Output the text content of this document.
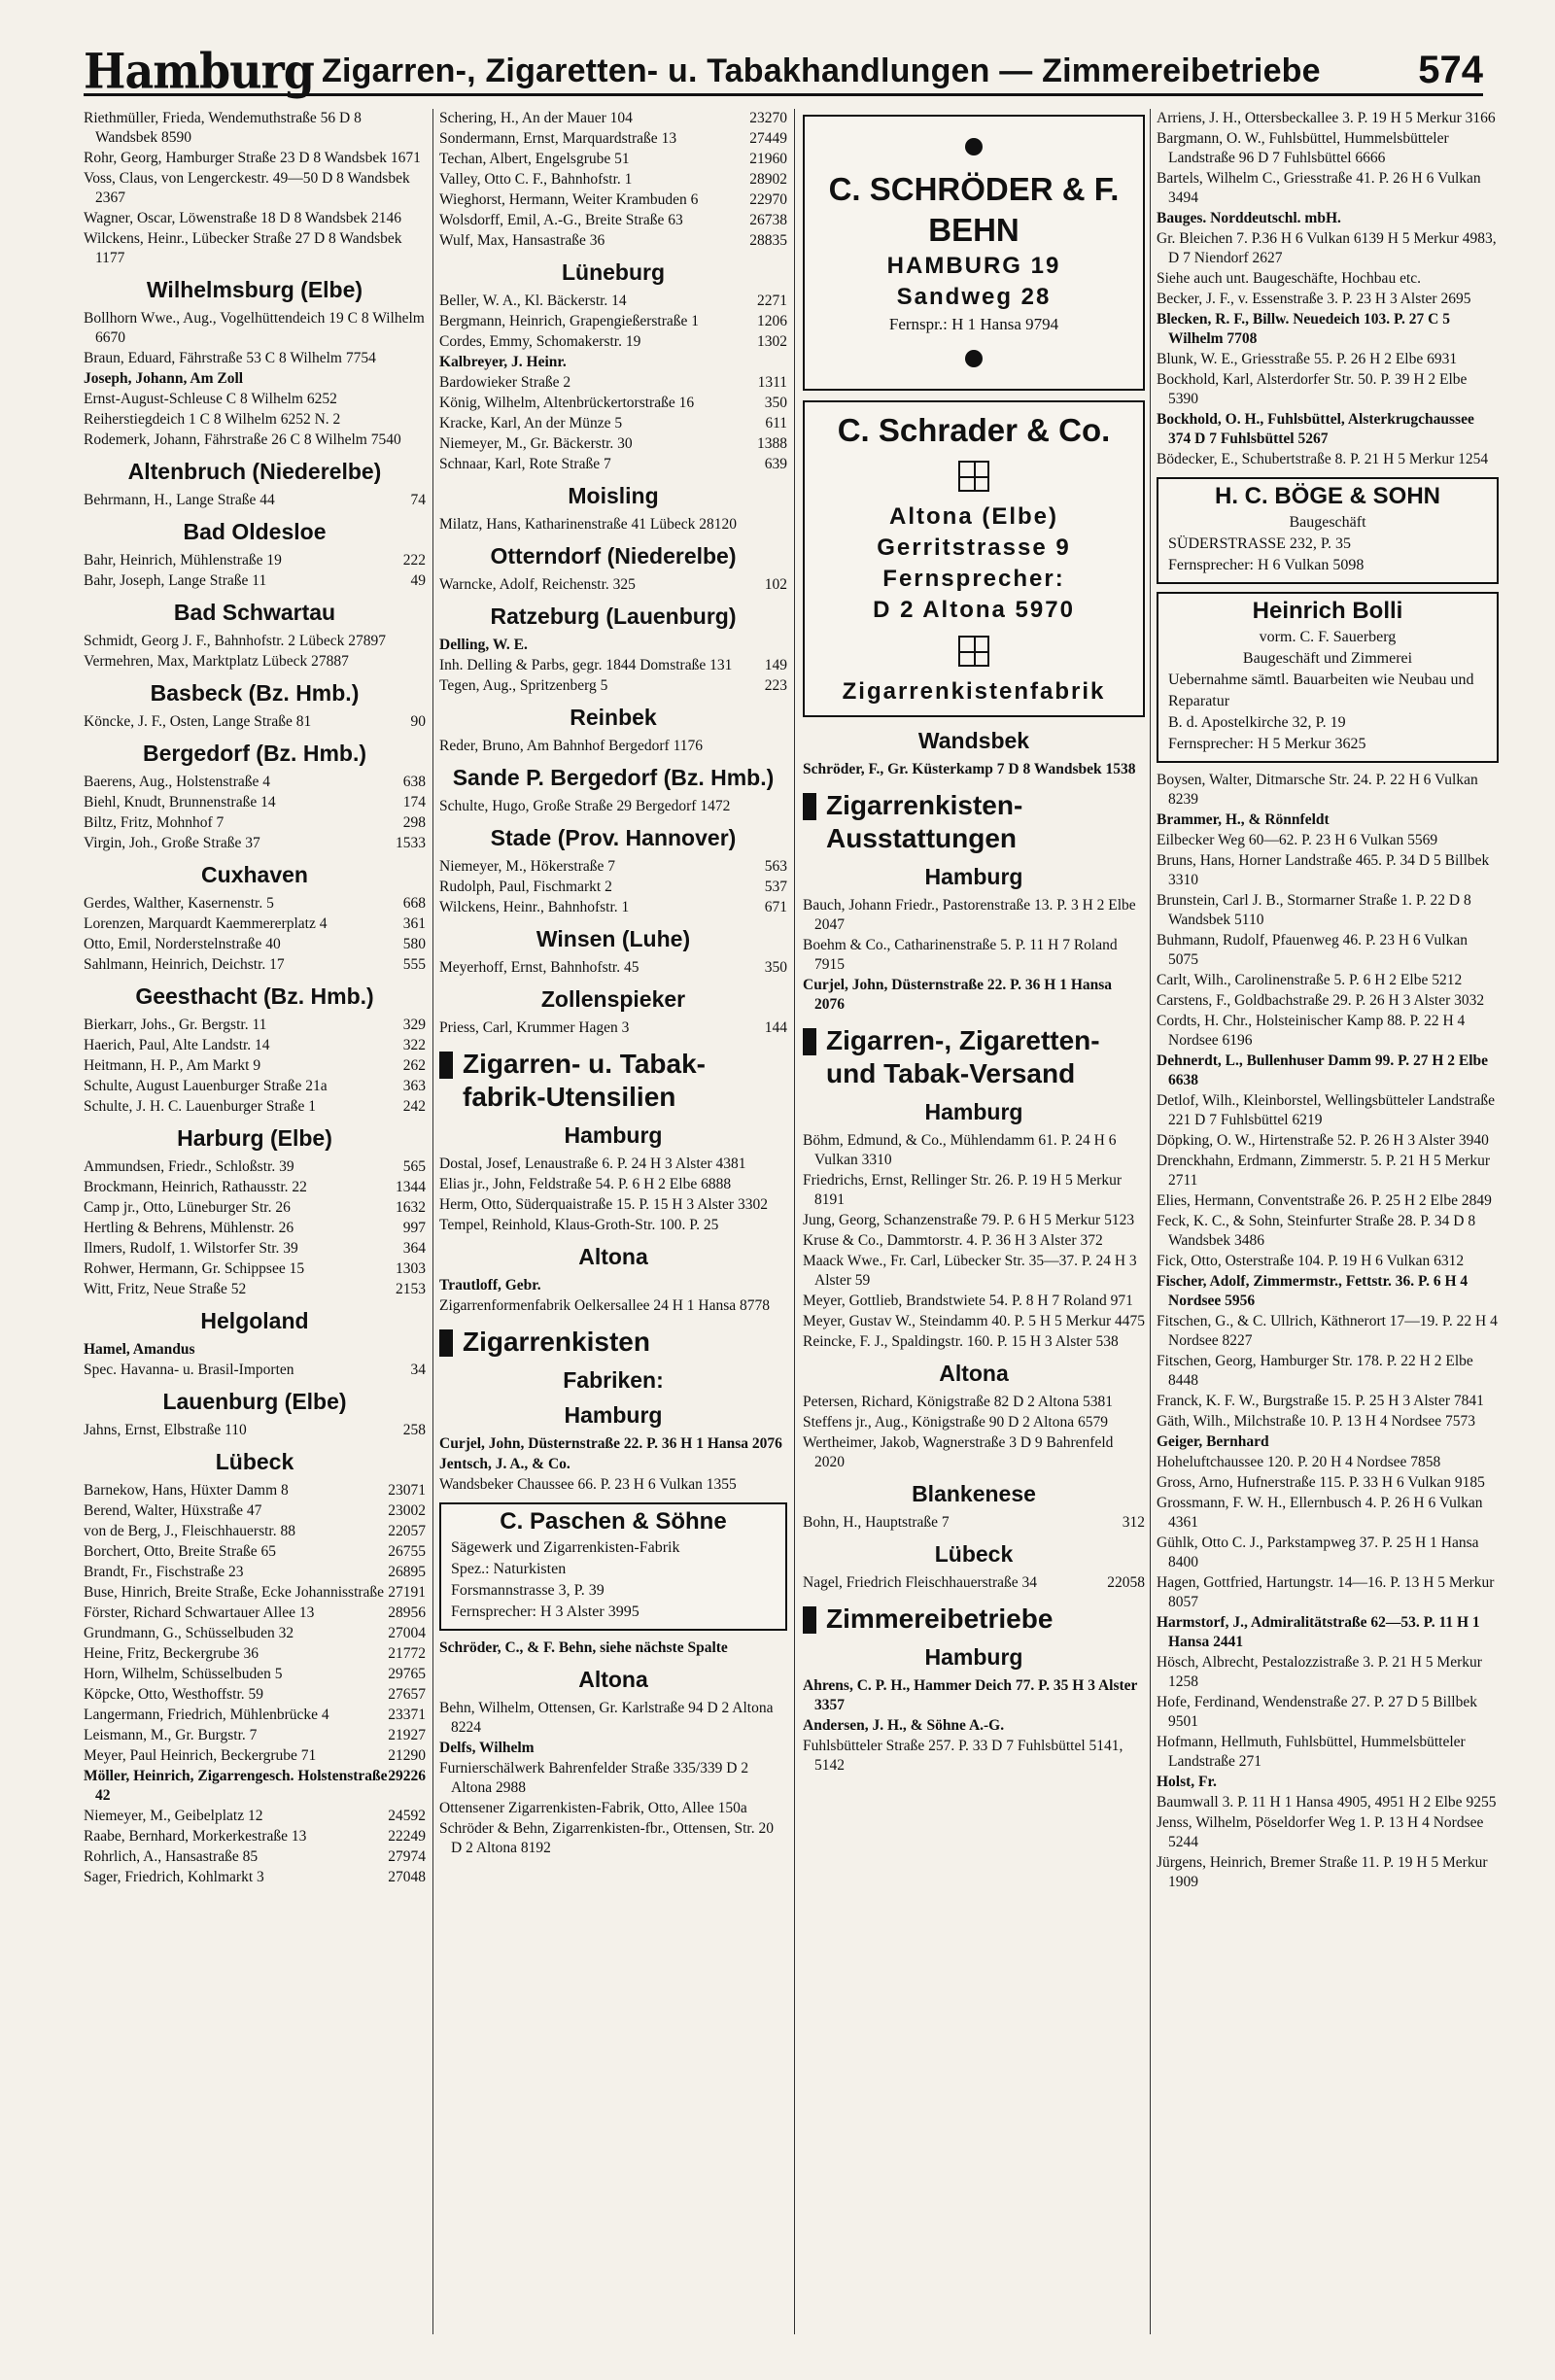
Hamburg Zigarren-, Zigaretten- u. Tabakhandlungen — Zimmereibetriebe	574
Riethmüller, Frieda, Wendemuthstraße 56 D 8 Wandsbek 8590
Rohr, Georg, Hamburger Straße 23 D 8 Wandsbek 1671
Voss, Claus, von Lengerckestr. 49—50 D 8 Wandsbek 2367
Wagner, Oscar, Löwenstraße 18 D 8 Wandsbek 2146
Wilckens, Heinr., Lübecker Straße 27 D 8 Wandsbek 1177
Wilhelmsburg (Elbe)
Bollhorn Wwe., Aug., Vogelhüttendeich 19 C 8 Wilhelm 6670
Braun, Eduard, Fährstraße 53 C 8 Wilhelm 7754
Joseph, Johann, Am Zoll
Ernst-August-Schleuse C 8 Wilhelm 6252
Reiherstiegdeich 1 C 8 Wilhelm 6252 N. 2
Rodemerk, Johann, Fährstraße 26 C 8 Wilhelm 7540
Altenbruch (Niederelbe)
74
Behrmann, H., Lange Straße 44
Bad Oldesloe
222
Bahr, Heinrich, Mühlenstraße 19
49
Bahr, Joseph, Lange Straße 11
Bad Schwartau
Schmidt, Georg J. F., Bahnhofstr. 2 Lübeck 27897
Vermehren, Max, Marktplatz Lübeck 27887
Basbeck (Bz. Hmb.)
90
Köncke, J. F., Osten, Lange Straße 81
Bergedorf (Bz. Hmb.)
638
Baerens, Aug., Holstenstraße 4
174
Biehl, Knudt, Brunnenstraße 14
298
Biltz, Fritz, Mohnhof 7
1533
Virgin, Joh., Große Straße 37
Cuxhaven
668
Gerdes, Walther, Kasernenstr. 5
361
Lorenzen, Marquardt Kaemmererplatz 4
580
Otto, Emil, Norderstelnstraße 40
555
Sahlmann, Heinrich, Deichstr. 17
Geesthacht (Bz. Hmb.)
329
Bierkarr, Johs., Gr. Bergstr. 11
322
Haerich, Paul, Alte Landstr. 14
262
Heitmann, H. P., Am Markt 9
363
Schulte, August Lauenburger Straße 21a
242
Schulte, J. H. C. Lauenburger Straße 1
Harburg (Elbe)
565
Ammundsen, Friedr., Schloßstr. 39
1344
Brockmann, Heinrich, Rathausstr. 22
1632
Camp jr., Otto, Lüneburger Str. 26
997
Hertling & Behrens, Mühlenstr. 26
364
Ilmers, Rudolf, 1. Wilstorfer Str. 39
1303
Rohwer, Hermann, Gr. Schippsee 15
2153
Witt, Fritz, Neue Straße 52
Helgoland
Hamel, Amandus
34
Spec. Havanna- u. Brasil-Importen
Lauenburg (Elbe)
258
Jahns, Ernst, Elbstraße 110
Lübeck
23071
Barnekow, Hans, Hüxter Damm 8
23002
Berend, Walter, Hüxstraße 47
22057
von de Berg, J., Fleischhauerstr. 88
26755
Borchert, Otto, Breite Straße 65
26895
Brandt, Fr., Fischstraße 23
27191
Buse, Hinrich, Breite Straße, Ecke Johannisstraße
28956
Förster, Richard Schwartauer Allee 13
27004
Grundmann, G., Schüsselbuden 32
21772
Heine, Fritz, Beckergrube 36
29765
Horn, Wilhelm, Schüsselbuden 5
27657
Köpcke, Otto, Westhoffstr. 59
23371
Langermann, Friedrich, Mühlenbrücke 4
21927
Leismann, M., Gr. Burgstr. 7
21290
Meyer, Paul Heinrich, Beckergrube 71
29226
Möller, Heinrich, Zigarrengesch. Holstenstraße 42
24592
Niemeyer, M., Geibelplatz 12
22249
Raabe, Bernhard, Morkerkestraße 13
27974
Rohrlich, A., Hansastraße 85
27048
Sager, Friedrich, Kohlmarkt 3
23270
Schering, H., An der Mauer 104
27449
Sondermann, Ernst, Marquardstraße 13
21960
Techan, Albert, Engelsgrube 51
28902
Valley, Otto C. F., Bahnhofstr. 1
22970
Wieghorst, Hermann, Weiter Krambuden 6
26738
Wolsdorff, Emil, A.-G., Breite Straße 63
28835
Wulf, Max, Hansastraße 36
Lüneburg
2271
Beller, W. A., Kl. Bäckerstr. 14
1206
Bergmann, Heinrich, Grapengießerstraße 1
1302
Cordes, Emmy, Schomakerstr. 19
Kalbreyer, J. Heinr.
1311
Bardowieker Straße 2
350
König, Wilhelm, Altenbrückertorstraße 16
611
Kracke, Karl, An der Münze 5
1388
Niemeyer, M., Gr. Bäckerstr. 30
639
Schnaar, Karl, Rote Straße 7
Moisling
Milatz, Hans, Katharinenstraße 41 Lübeck 28120
Otterndorf (Niederelbe)
102
Warncke, Adolf, Reichenstr. 325
Ratzeburg (Lauenburg)
Delling, W. E.
149
Inh. Delling & Parbs, gegr. 1844 Domstraße 131
223
Tegen, Aug., Spritzenberg 5
Reinbek
Reder, Bruno, Am Bahnhof Bergedorf 1176
Sande P. Bergedorf (Bz. Hmb.)
Schulte, Hugo, Große Straße 29 Bergedorf 1472
Stade (Prov. Hannover)
563
Niemeyer, M., Hökerstraße 7
537
Rudolph, Paul, Fischmarkt 2
671
Wilckens, Heinr., Bahnhofstr. 1
Winsen (Luhe)
350
Meyerhoff, Ernst, Bahnhofstr. 45
Zollenspieker
144
Priess, Carl, Krummer Hagen 3
Zigarren- u. Tabak-fabrik-Utensilien
Hamburg
Dostal, Josef, Lenaustraße 6. P. 24 H 3 Alster 4381
Elias jr., John, Feldstraße 54. P. 6 H 2 Elbe 6888
Herm, Otto, Süderquaistraße 15. P. 15 H 3 Alster 3302
Tempel, Reinhold, Klaus-Groth-Str. 100. P. 25
Altona
Trautloff, Gebr.
Zigarrenformenfabrik Oelkersallee 24 H 1 Hansa 8778
Zigarrenkisten
Fabriken:
Hamburg
Curjel, John, Düsternstraße 22. P. 36 H 1 Hansa 2076
Jentsch, J. A., & Co.
Wandsbeker Chaussee 66. P. 23 H 6 Vulkan 1355
C. Paschen & Söhne
Sägewerk und Zigarrenkisten-Fabrik
Spez.: Naturkisten
Forsmannstrasse 3, P. 39
Fernsprecher: H 3 Alster 3995
Schröder, C., & F. Behn, siehe nächste Spalte
Altona
Behn, Wilhelm, Ottensen, Gr. Karlstraße 94 D 2 Altona 8224
Delfs, Wilhelm
Furnierschälwerk Bahrenfelder Straße 335/339 D 2 Altona 2988
Ottensener Zigarrenkisten-Fabrik, Otto, Allee 150a
Schröder & Behn, Zigarrenkisten-fbr., Ottensen, Str. 20 D 2 Altona 8192
C. SCHRÖDER & F. BEHN
HAMBURG 19
Sandweg 28
Fernspr.: H 1 Hansa 9794
C. Schrader & Co.
Altona (Elbe)
Gerritstrasse 9
Fernsprecher:
D 2 Altona 5970
Zigarrenkistenfabrik
Wandsbek
Schröder, F., Gr. Küsterkamp 7 D 8 Wandsbek 1538
Zigarrenkisten-Ausstattungen
Hamburg
Bauch, Johann Friedr., Pastorenstraße 13. P. 3 H 2 Elbe 2047
Boehm & Co., Catharinenstraße 5. P. 11 H 7 Roland 7915
Curjel, John, Düsternstraße 22. P. 36 H 1 Hansa 2076
Zigarren-, Zigaretten- und Tabak-Versand
Hamburg
Böhm, Edmund, & Co., Mühlendamm 61. P. 24 H 6 Vulkan 3310
Friedrichs, Ernst, Rellinger Str. 26. P. 19 H 5 Merkur 8191
Jung, Georg, Schanzenstraße 79. P. 6 H 5 Merkur 5123
Kruse & Co., Dammtorstr. 4. P. 36 H 3 Alster 372
Maack Wwe., Fr. Carl, Lübecker Str. 35—37. P. 24 H 3 Alster 59
Meyer, Gottlieb, Brandstwiete 54. P. 8 H 7 Roland 971
Meyer, Gustav W., Steindamm 40. P. 5 H 5 Merkur 4475
Reincke, F. J., Spaldingstr. 160. P. 15 H 3 Alster 538
Altona
Petersen, Richard, Königstraße 82 D 2 Altona 5381
Steffens jr., Aug., Königstraße 90 D 2 Altona 6579
Wertheimer, Jakob, Wagnerstraße 3 D 9 Bahrenfeld 2020
Blankenese
312
Bohn, H., Hauptstraße 7
Lübeck
22058
Nagel, Friedrich Fleischhauerstraße 34
Zimmereibetriebe
Hamburg
Ahrens, C. P. H., Hammer Deich 77. P. 35 H 3 Alster 3357
Andersen, J. H., & Söhne A.-G.
Fuhlsbütteler Straße 257. P. 33 D 7 Fuhlsbüttel 5141, 5142
Arriens, J. H., Ottersbeckallee 3. P. 19 H 5 Merkur 3166
Bargmann, O. W., Fuhlsbüttel, Hummelsbütteler Landstraße 96 D 7 Fuhlsbüttel 6666
Bartels, Wilhelm C., Griesstraße 41. P. 26 H 6 Vulkan 3494
Bauges. Norddeutschl. mbH.
Gr. Bleichen 7. P.36 H 6 Vulkan 6139 H 5 Merkur 4983, D 7 Niendorf 2627
Siehe auch unt. Baugeschäfte, Hochbau etc.
Becker, J. F., v. Essenstraße 3. P. 23 H 3 Alster 2695
Blecken, R. F., Billw. Neuedeich 103. P. 27 C 5 Wilhelm 7708
Blunk, W. E., Griesstraße 55. P. 26 H 2 Elbe 6931
Bockhold, Karl, Alsterdorfer Str. 50. P. 39 H 2 Elbe 5390
Bockhold, O. H., Fuhlsbüttel, Alsterkrugchaussee 374 D 7 Fuhlsbüttel 5267
Bödecker, E., Schubertstraße 8. P. 21 H 5 Merkur 1254
H. C. BÖGE & SOHN
Baugeschäft
SÜDERSTRASSE 232, P. 35
Fernsprecher: H 6 Vulkan 5098
Heinrich Bolli
vorm. C. F. Sauerberg
Baugeschäft und Zimmerei
Uebernahme sämtl. Bauarbeiten wie Neubau und Reparatur
B. d. Apostelkirche 32, P. 19
Fernsprecher: H 5 Merkur 3625
Boysen, Walter, Ditmarsche Str. 24. P. 22 H 6 Vulkan 8239
Brammer, H., & Rönnfeldt
Eilbecker Weg 60—62. P. 23 H 6 Vulkan 5569
Bruns, Hans, Horner Landstraße 465. P. 34 D 5 Billbek 3310
Brunstein, Carl J. B., Stormarner Straße 1. P. 22 D 8 Wandsbek 5110
Buhmann, Rudolf, Pfauenweg 46. P. 23 H 6 Vulkan 5075
Carlt, Wilh., Carolinenstraße 5. P. 6 H 2 Elbe 5212
Carstens, F., Goldbachstraße 29. P. 26 H 3 Alster 3032
Cordts, H. Chr., Holsteinischer Kamp 88. P. 22 H 4 Nordsee 6196
Dehnerdt, L., Bullenhuser Damm 99. P. 27 H 2 Elbe 6638
Detlof, Wilh., Kleinborstel, Wellingsbütteler Landstraße 221 D 7 Fuhlsbüttel 6219
Döpking, O. W., Hirtenstraße 52. P. 26 H 3 Alster 3940
Drenckhahn, Erdmann, Zimmerstr. 5. P. 21 H 5 Merkur 2711
Elies, Hermann, Conventstraße 26. P. 25 H 2 Elbe 2849
Feck, K. C., & Sohn, Steinfurter Straße 28. P. 34 D 8 Wandsbek 3486
Fick, Otto, Osterstraße 104. P. 19 H 6 Vulkan 6312
Fischer, Adolf, Zimmermstr., Fettstr. 36. P. 6 H 4 Nordsee 5956
Fitschen, G., & C. Ullrich, Käthnerort 17—19. P. 22 H 4 Nordsee 8227
Fitschen, Georg, Hamburger Str. 178. P. 22 H 2 Elbe 8448
Franck, K. F. W., Burgstraße 15. P. 25 H 3 Alster 7841
Gäth, Wilh., Milchstraße 10. P. 13 H 4 Nordsee 7573
Geiger, Bernhard
Hoheluftchaussee 120. P. 20 H 4 Nordsee 7858
Gross, Arno, Hufnerstraße 115. P. 33 H 6 Vulkan 9185
Grossmann, F. W. H., Ellernbusch 4. P. 26 H 6 Vulkan 4361
Gühlk, Otto C. J., Parkstampweg 37. P. 25 H 1 Hansa 8400
Hagen, Gottfried, Hartungstr. 14—16. P. 13 H 5 Merkur 8057
Harmstorf, J., Admiralitätstraße 62—53. P. 11 H 1 Hansa 2441
Hösch, Albrecht, Pestalozzistraße 3. P. 21 H 5 Merkur 1258
Hofe, Ferdinand, Wendenstraße 27. P. 27 D 5 Billbek 9501
Hofmann, Hellmuth, Fuhlsbüttel, Hummelsbütteler Landstraße 271
Holst, Fr.
Baumwall 3. P. 11 H 1 Hansa 4905, 4951 H 2 Elbe 9255
Jenss, Wilhelm, Pöseldorfer Weg 1. P. 13 H 4 Nordsee 5244
Jürgens, Heinrich, Bremer Straße 11. P. 19 H 5 Merkur 1909
